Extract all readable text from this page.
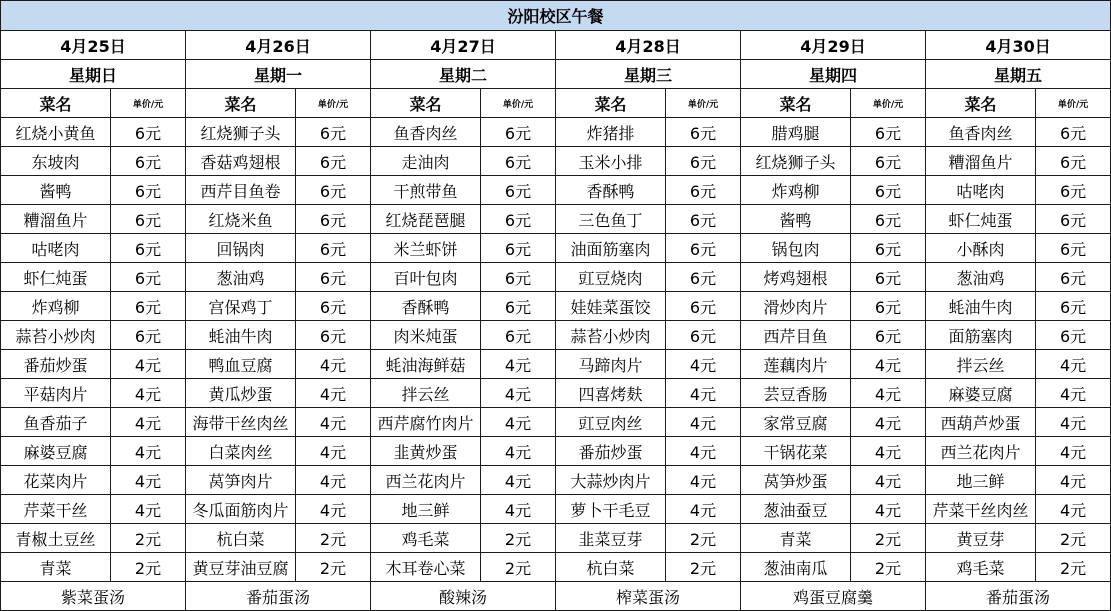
汾阳校区午餐											
4月25日		4月26日		4月27日		4月28日		4月29日		4月30日	
星期日		星期一		星期二		星期三		星期四		星期五	
菜名	单价/元	菜名	单价/元	菜名	单价/元	菜名	单价/元	菜名	单价/元	菜名	单价/元
红烧小黄鱼	6元	红烧狮子头	6元	鱼香肉丝	6元	炸猪排	6元	腊鸡腿	6元	鱼香肉丝	6元
东坡肉	6元	香菇鸡翅根	6元	走油肉	6元	玉米小排	6元	红烧狮子头	6元	糟溜鱼片	6元
酱鸭	6元	西芹目鱼卷	6元	干煎带鱼	6元	香酥鸭	6元	炸鸡柳	6元	咕咾肉	6元
糟溜鱼片	6元	红烧米鱼	6元	红烧琵琶腿	6元	三色鱼丁	6元	酱鸭	6元	虾仁炖蛋	6元
咕咾肉	6元	回锅肉	6元	米兰虾饼	6元	油面筋塞肉	6元	锅包肉	6元	小酥肉	6元
虾仁炖蛋	6元	葱油鸡	6元	百叶包肉	6元	豇豆烧肉	6元	烤鸡翅根	6元	葱油鸡	6元
炸鸡柳	6元	宫保鸡丁	6元	香酥鸭	6元	娃娃菜蛋饺	6元	滑炒肉片	6元	蚝油牛肉	6元
蒜苔小炒肉	6元	蚝油牛肉	6元	肉米炖蛋	6元	蒜苔小炒肉	6元	西芹目鱼	6元	面筋塞肉	6元
番茄炒蛋	4元	鸭血豆腐	4元	蚝油海鲜菇	4元	马蹄肉片	4元	莲藕肉片	4元	拌云丝	4元
平菇肉片	4元	黄瓜炒蛋	4元	拌云丝	4元	四喜烤麸	4元	芸豆香肠	4元	麻婆豆腐	4元
鱼香茄子	4元	海带干丝肉丝	4元	西芹腐竹肉片	4元	豇豆肉丝	4元	家常豆腐	4元	西葫芦炒蛋	4元
麻婆豆腐	4元	白菜肉丝	4元	韭黄炒蛋	4元	番茄炒蛋	4元	干锅花菜	4元	西兰花肉片	4元
花菜肉片	4元	莴笋肉片	4元	西兰花肉片	4元	大蒜炒肉片	4元	莴笋炒蛋	4元	地三鲜	4元
芹菜干丝	4元	冬瓜面筋肉片	4元	地三鲜	4元	萝卜干毛豆	4元	葱油蚕豆	4元	芹菜干丝肉丝	4元
青椒土豆丝	2元	杭白菜	2元	鸡毛菜	2元	韭菜豆芽	2元	青菜	2元	黄豆芽	2元
青菜	2元	黄豆芽油豆腐	2元	木耳卷心菜	2元	杭白菜	2元	葱油南瓜	2元	鸡毛菜	2元
紫菜蛋汤		番茄蛋汤		酸辣汤		榨菜蛋汤		鸡蛋豆腐羹		番茄蛋汤	
